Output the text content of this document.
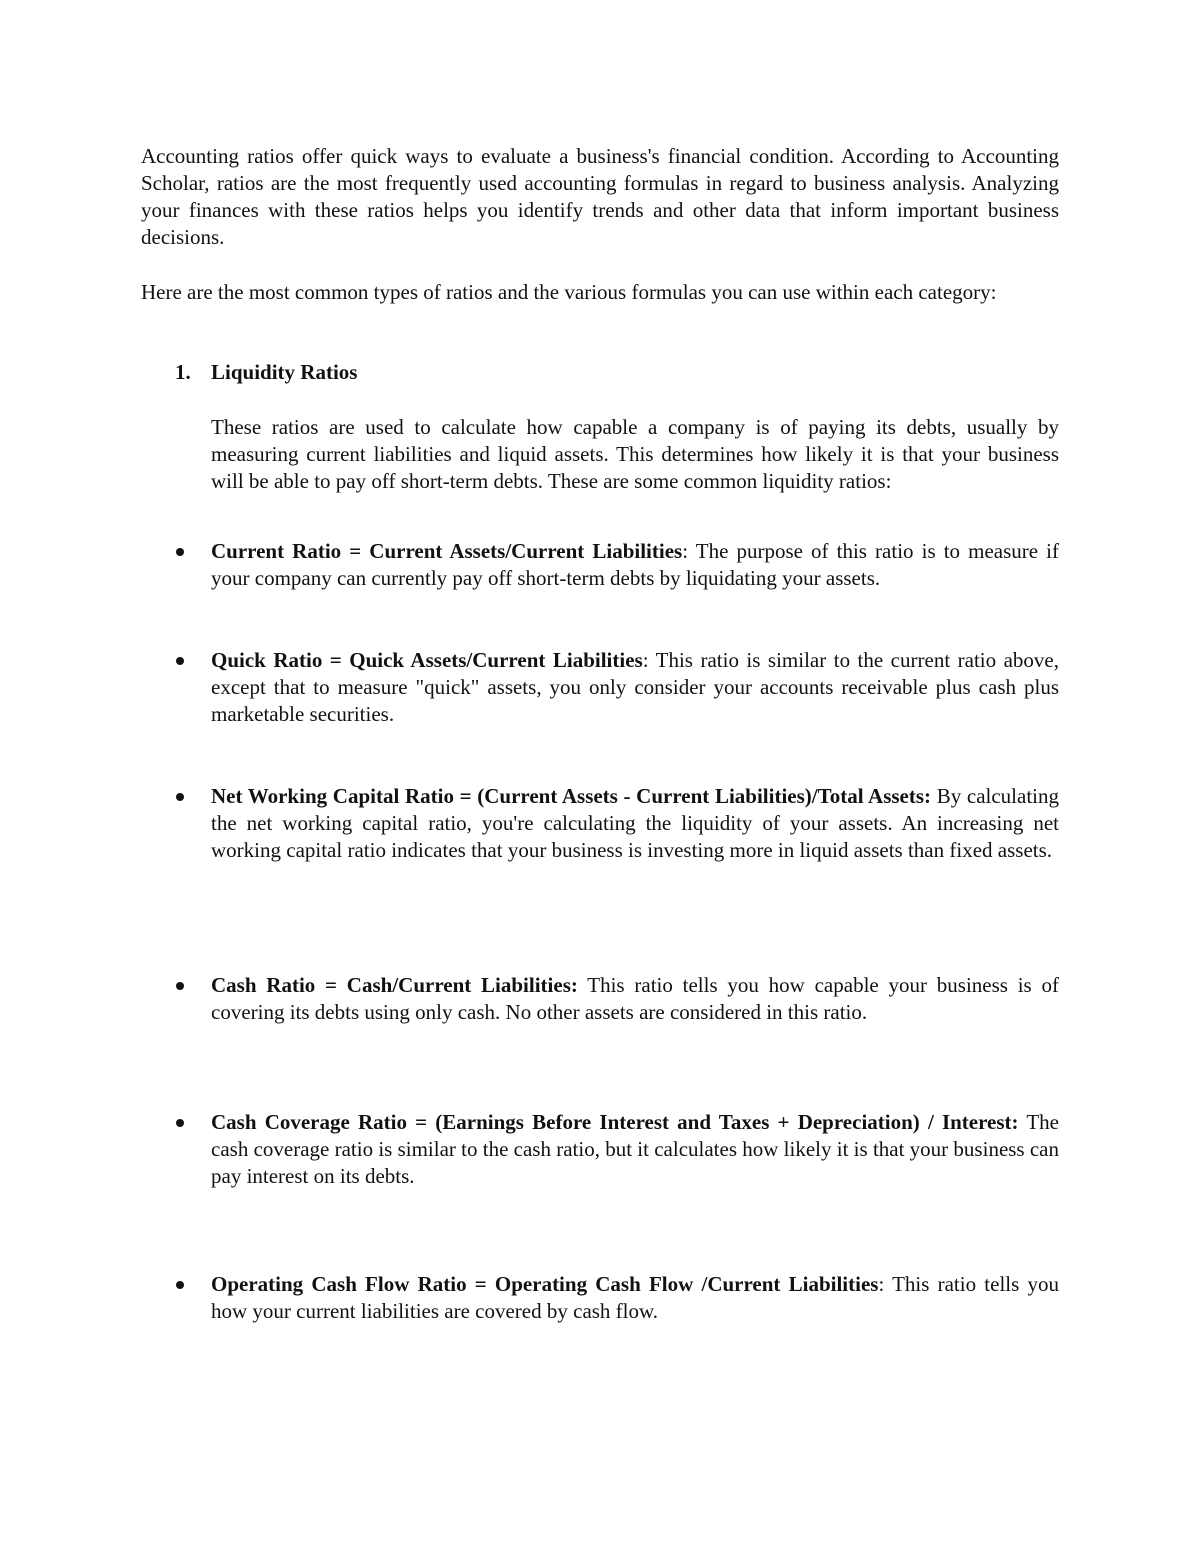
Accounting ratios offer quick ways to evaluate a business's financial condition. According to Accounting Scholar, ratios are the most frequently used accounting formulas in regard to business analysis. Analyzing your finances with these ratios helps you identify trends and other data that inform important business decisions.

Here are the most common types of ratios and the various formulas you can use within each category:

1. Liquidity Ratios

These ratios are used to calculate how capable a company is of paying its debts, usually by measuring current liabilities and liquid assets. This determines how likely it is that your business will be able to pay off short-term debts. These are some common liquidity ratios:

Current Ratio = Current Assets/Current Liabilities: The purpose of this ratio is to measure if your company can currently pay off short-term debts by liquidating your assets.

Quick Ratio = Quick Assets/Current Liabilities: This ratio is similar to the current ratio above, except that to measure "quick" assets, you only consider your accounts receivable plus cash plus marketable securities.

Net Working Capital Ratio = (Current Assets - Current Liabilities)/Total Assets: By calculating the net working capital ratio, you're calculating the liquidity of your assets. An increasing net working capital ratio indicates that your business is investing more in liquid assets than fixed assets.

Cash Ratio = Cash/Current Liabilities: This ratio tells you how capable your business is of covering its debts using only cash. No other assets are considered in this ratio.

Cash Coverage Ratio = (Earnings Before Interest and Taxes + Depreciation) / Interest: The cash coverage ratio is similar to the cash ratio, but it calculates how likely it is that your business can pay interest on its debts.

Operating Cash Flow Ratio = Operating Cash Flow /Current Liabilities: This ratio tells you how your current liabilities are covered by cash flow.
